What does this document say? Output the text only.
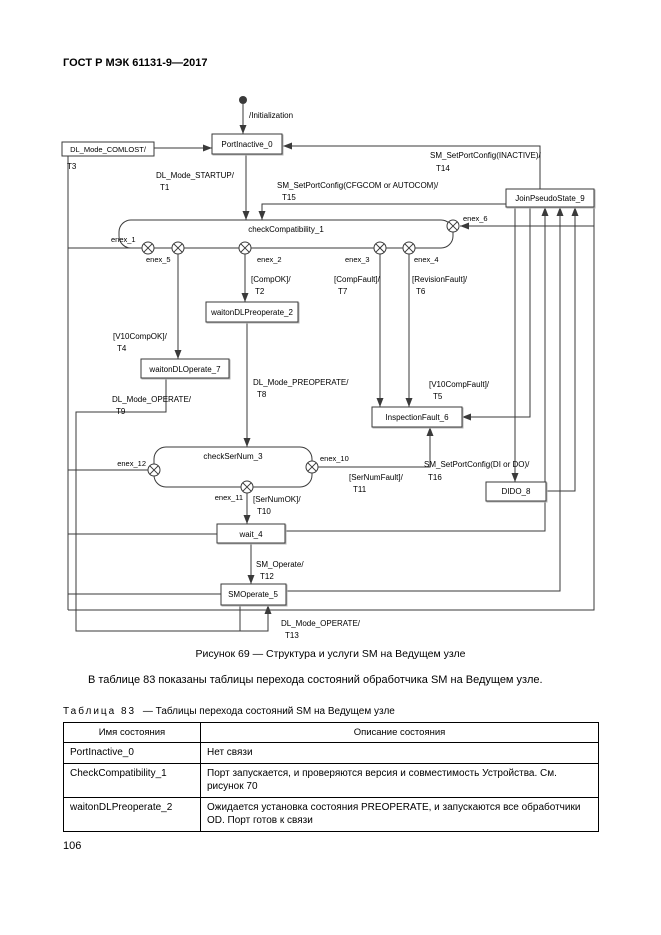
ГОСТ Р МЭК 61131-9—2017
checkCompatibility_1
checkSerNum_3
PortInactive_0
JoinPseudoState_9
waitonDLPreoperate_2
waitonDLOperate_7
InspectionFault_6
DIDO_8
wait_4
SMOperate_5
/Initialization
enex_1
enex_5	enex_2	enex_3	enex_4
enex_6
enex_12
enex_10
enex_11
DL_Mode_COMLOST/
T3
DL_Mode_STARTUP/
T1
SM_SetPortConfig(INACTIVE)/
T14
SM_SetPortConfig(CFGCOM or AUTOCOM)/
T15
[CompOK]/
T2
[CompFault]/
T7
[RevisionFault]/
T6
[V10CompOK]/
T4
DL_Mode_PREOPERATE/
T8
DL_Mode_OPERATE/
T9
[V10CompFault]/
T5
SM_SetPortConfig(DI or DO)/
T16
[SerNumFault]/
T11
[SerNumOK]/
T10
SM_Operate/
T12
DL_Mode_OPERATE/
T13
Рисунок 69 — Структура и услуги SM на Ведущем узле
В таблице 83 показаны таблицы перехода состояний обработчика SM на Ведущем узле.
Таблица 83 — Таблицы перехода состояний SM на Ведущем узле
Имя состояния	Описание состояния
PortInactive_0	Нет связи
CheckCompatibility_1	Порт запускается, и проверяются версия и совместимость Устройства. См. рисунок 70
waitonDLPreoperate_2	Ожидается установка состояния PREOPERATE, и запускаются все обработчики OD. Порт готов к связи
106
